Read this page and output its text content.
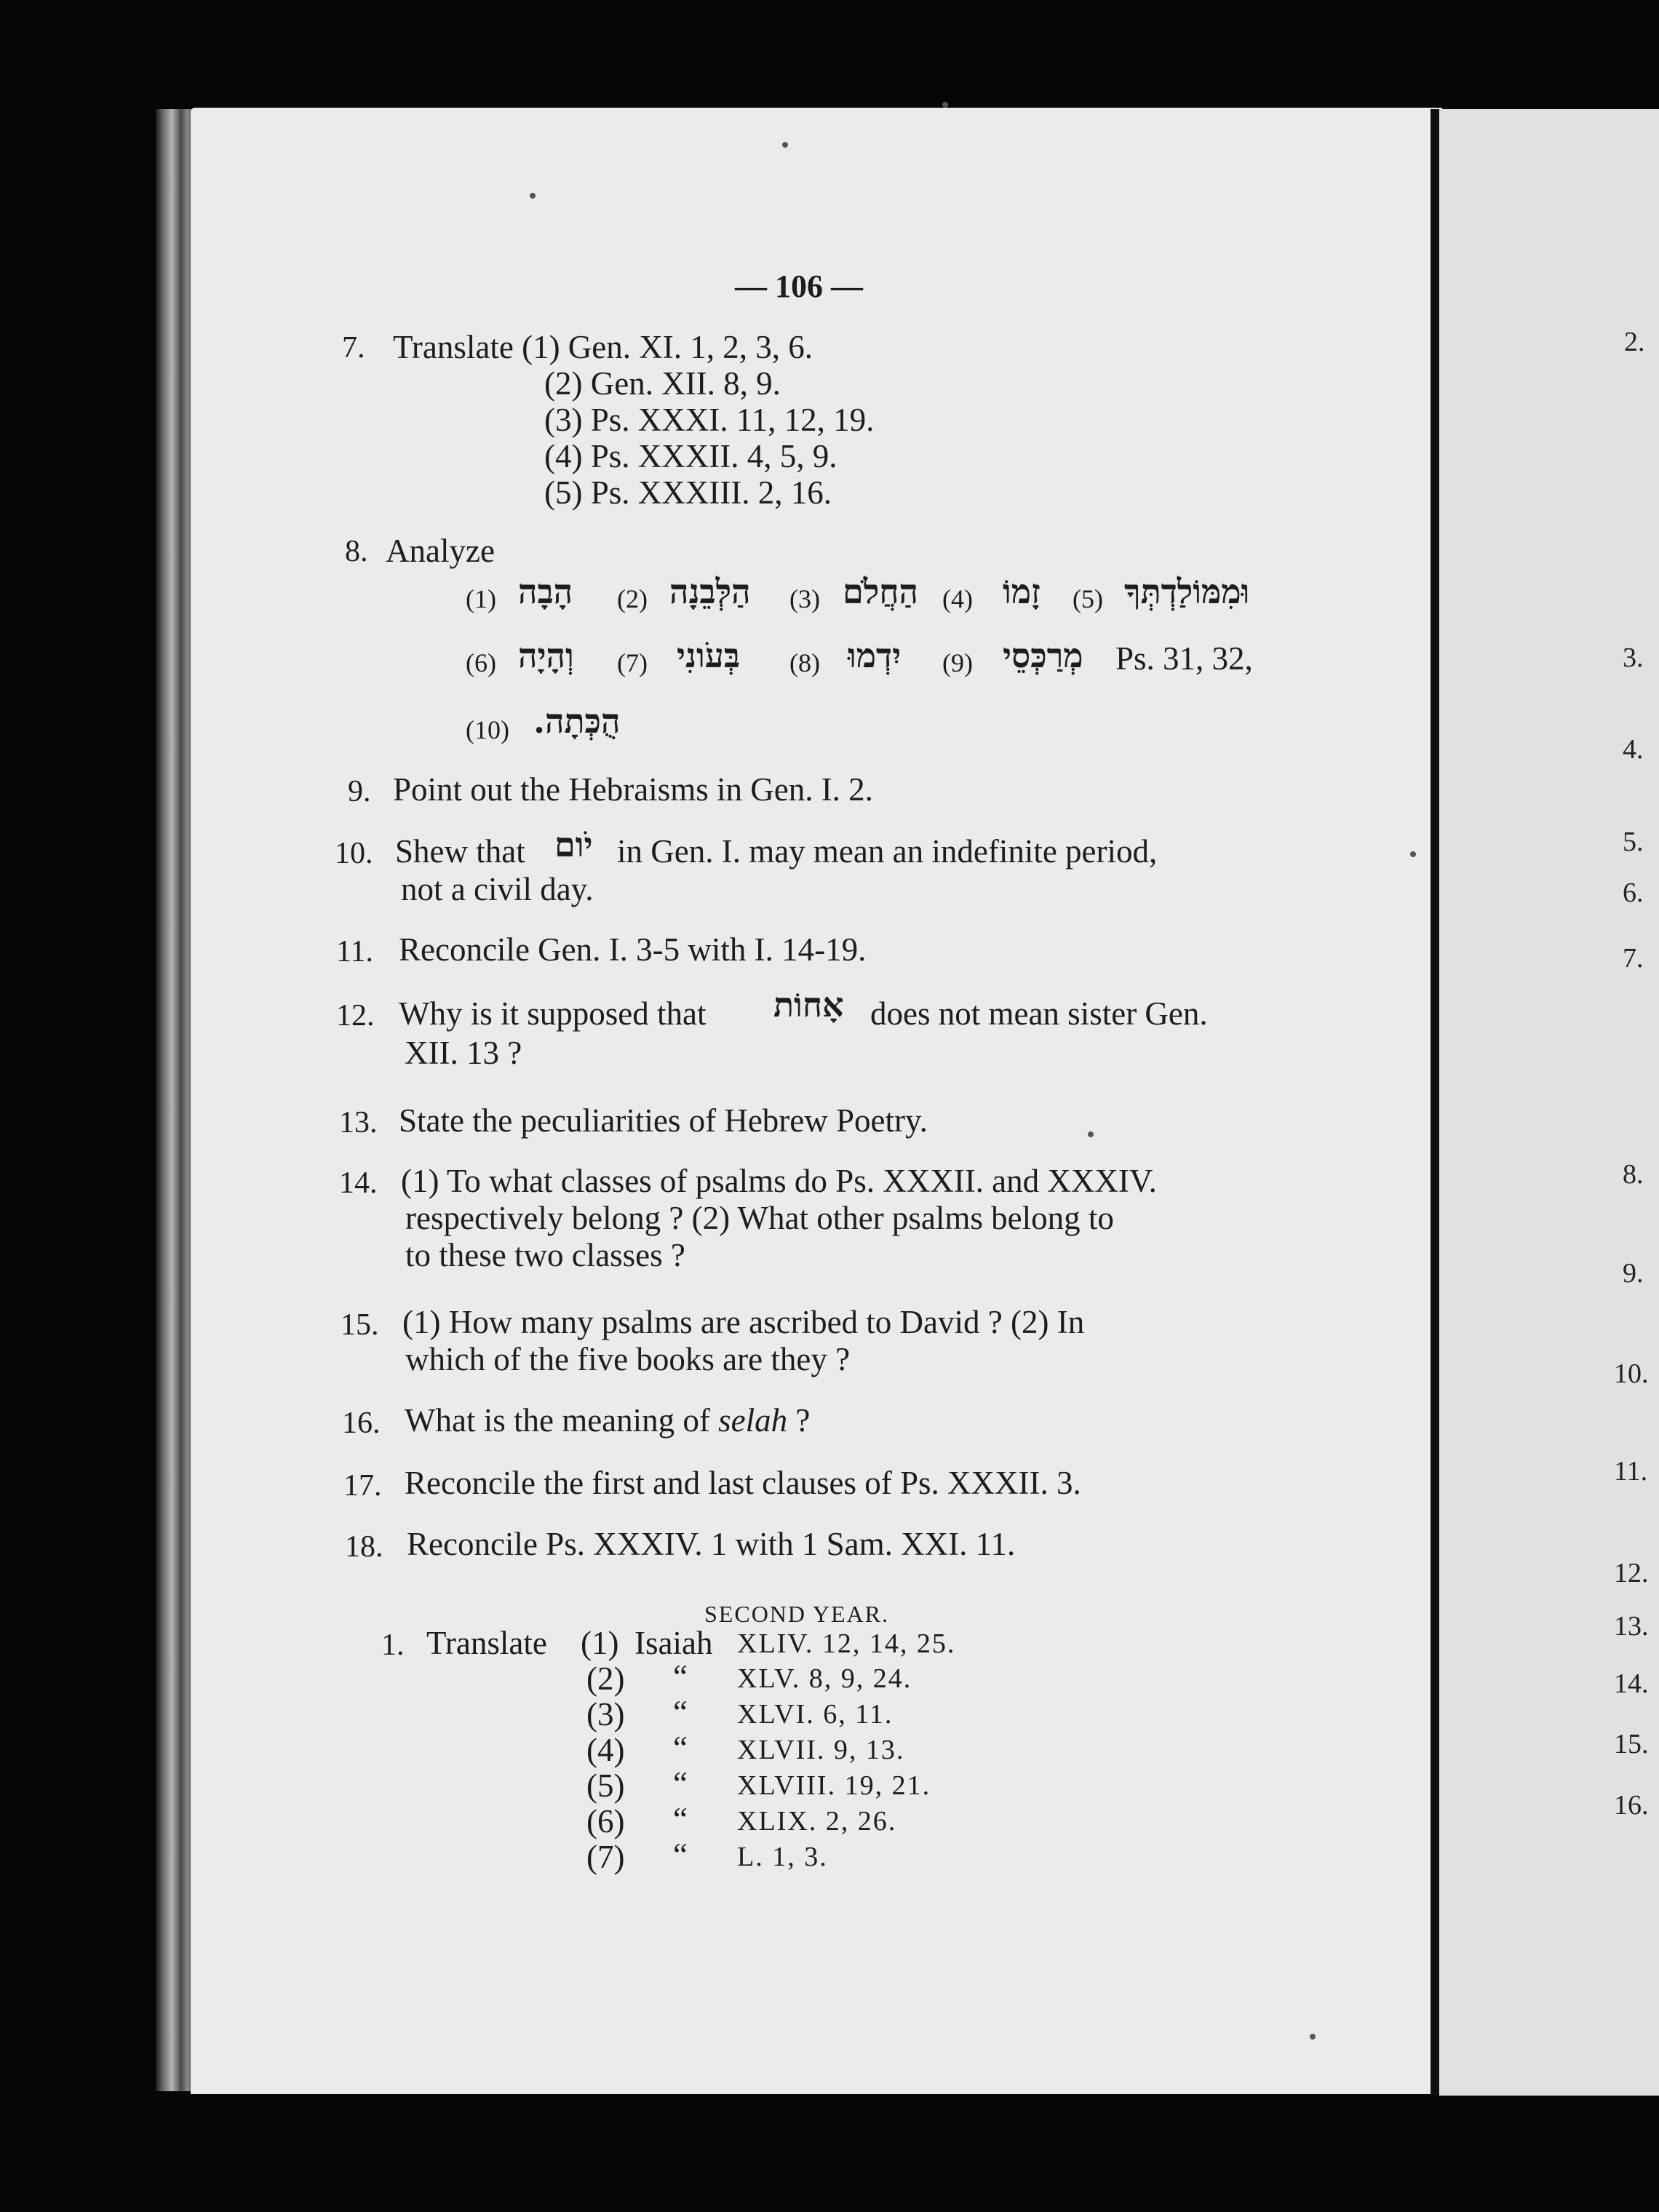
— 106 —
7. Translate (1) Gen. XI. 1, 2, 3, 6.
(2) Gen. XII. 8, 9.
(3) Ps. XXXI. 11, 12, 19.
(4) Ps. XXXII. 4, 5, 9.
(5) Ps. XXXIII. 2, 16.
8. Analyze
(1) הָבָה (2) הַלְּבֵנָה (3) הַחֲלֹם (4) זָמוֹ (5) וּמִמּוֹלַדְתְּךָ
(6) וְהָיָה (7) בְּעֹונִי (8) יִדְמוּ (9) מְרַכְּסֵי Ps. 31, 32,
(10) הֻכְּתָה.
9. Point out the Hebraisms in Gen. I. 2.
10. Shew that יֹום in Gen. I. may mean an indefinite period,
not a civil day.
11. Reconcile Gen. I. 3-5 with I. 14-19.
12. Why is it supposed that אָחוֹת does not mean sister Gen.
XII. 13 ?
13. State the peculiarities of Hebrew Poetry.
14. (1) To what classes of psalms do Ps. XXXII. and XXXIV.
respectively belong ? (2) What other psalms belong to
to these two classes ?
15. (1) How many psalms are ascribed to David ? (2) In
which of the five books are they ?
16. What is the meaning of selah ?
17. Reconcile the first and last clauses of Ps. XXXII. 3.
18. Reconcile Ps. XXXIV. 1 with 1 Sam. XXI. 11.
SECOND YEAR.
1. Translate (1) Isaiah XLIV. 12, 14, 25.
(2) “ XLV. 8, 9, 24.
(3) “ XLVI. 6, 11.
(4) “ XLVII. 9, 13.
(5) “ XLVIII. 19, 21.
(6) “ XLIX. 2, 26.
(7) “ L. 1, 3.
2.
3.
4.
5.
6.
7.
8.
9.
10.
11.
12.
13.
14.
15.
16.
